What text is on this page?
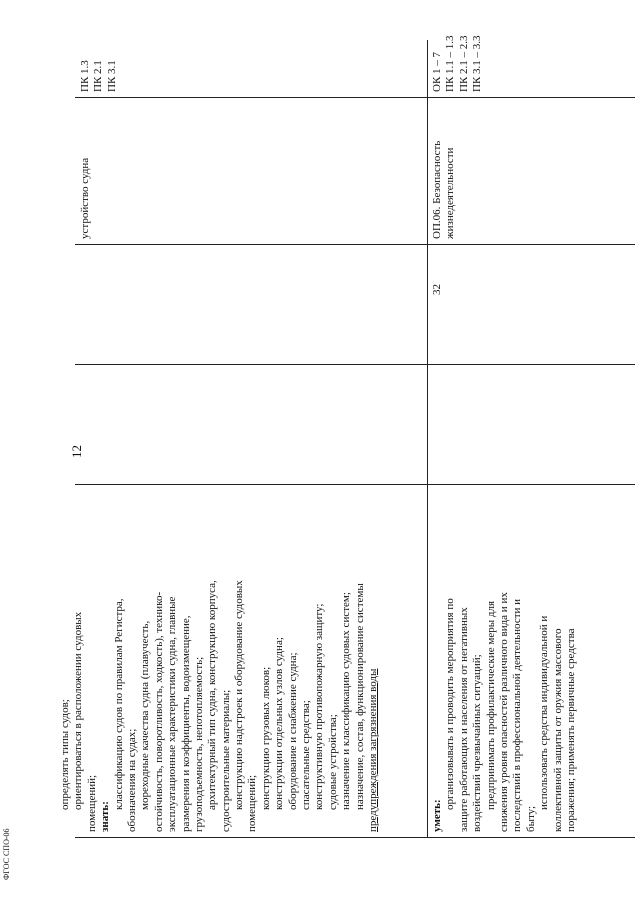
12
определять типы судов; ориентироваться в расположении судовых помещений; знать:
классификацию судов по правилам Регистра, обозначения на судах; мореходные качества судна (плавучесть, остойчивость, поворотливость, ходкость), технико- эксплуатационные характеристики судна, главные размерения и коэффициенты, водоизмещение, грузоподъемность, непотопляемость; архитектурный тип судна, конструкцию корпуса, судостроительные материалы; конструкцию надстроек и оборудование судовых помещений; конструкцию грузовых люков; конструкции отдельных узлов судна; оборудование и снабжение судна; спасательные средства; конструктивную противопожарную защиту; судовые устройства; назначение и классификацию судовых систем; назначение, состав, функционирование системы предупреждения загрязнения воды
устройство судна
ПК 1.3 ПК 2.1 ПК 3.1
уметь:
организовывать и проводить мероприятия по защите работающих и населения от негативных воздействий чрезвычайных ситуаций; предпринимать профилактические меры для снижения уровня опасностей различного вида и их последствий в профессиональной деятельности и быту;
использовать средства индивидуальной и коллективной защиты от оружия массового поражения; применять первичные средства
32
ОП.06. Безопасность жизнедеятельности
ОК 1 – 7 ПК 1.1 – 1.3 ПК 2.1 – 2.3 ПК 3.1 – 3.3
ФГОС СПО-06
